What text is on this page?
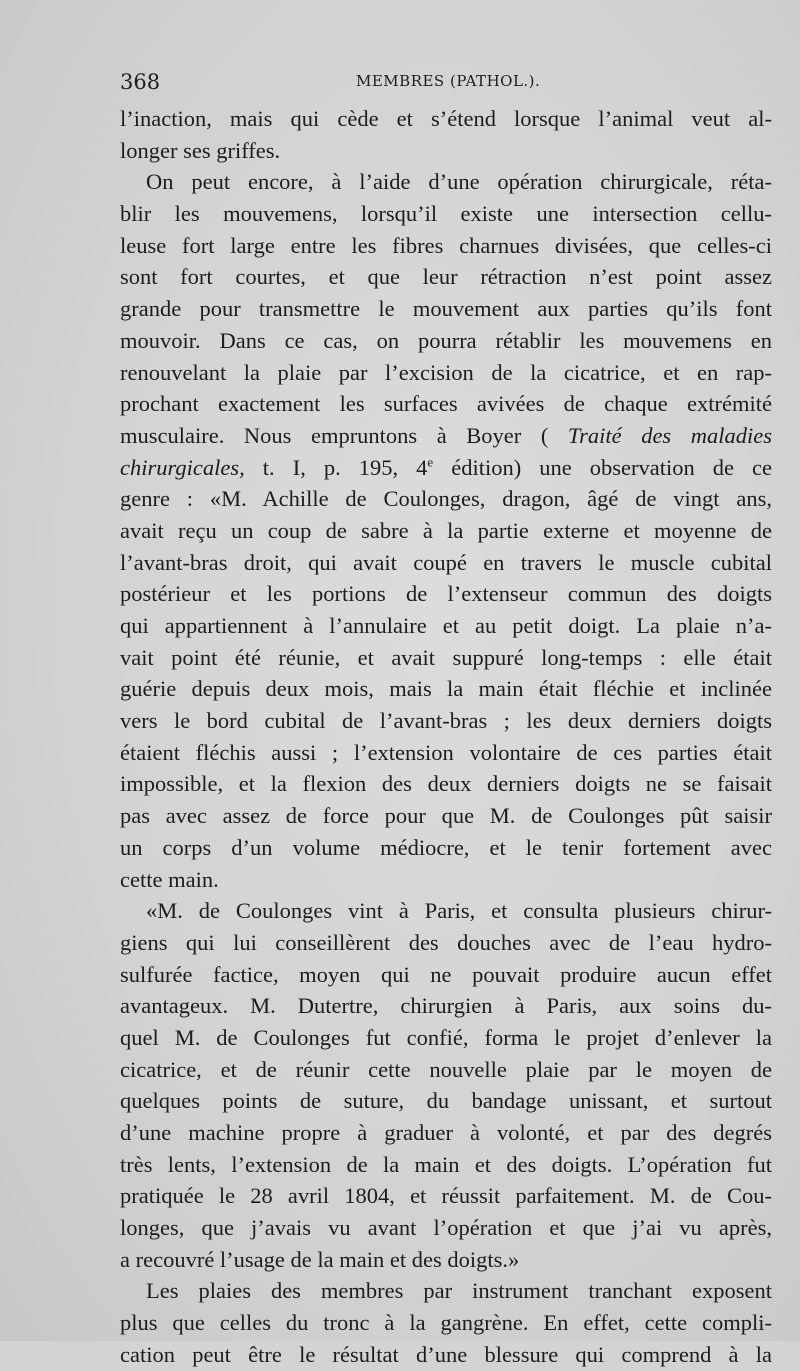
368	MEMBRES (PATHOL.).
l’inaction, mais qui cède et s’étend lorsque l’animal veut al-
longer ses griffes.
On peut encore, à l’aide d’une opération chirurgicale, réta-
blir les mouvemens, lorsqu’il existe une intersection cellu-
leuse fort large entre les fibres charnues divisées, que celles-ci
sont fort courtes, et que leur rétraction n’est point assez
grande pour transmettre le mouvement aux parties qu’ils font
mouvoir. Dans ce cas, on pourra rétablir les mouvemens en
renouvelant la plaie par l’excision de la cicatrice, et en rap-
prochant exactement les surfaces avivées de chaque extrémité
musculaire. Nous empruntons à Boyer ( Traité des maladies
chirurgicales, t. I, p. 195, 4e édition) une observation de ce
genre : «M. Achille de Coulonges, dragon, âgé de vingt ans,
avait reçu un coup de sabre à la partie externe et moyenne de
l’avant-bras droit, qui avait coupé en travers le muscle cubital
postérieur et les portions de l’extenseur commun des doigts
qui appartiennent à l’annulaire et au petit doigt. La plaie n’a-
vait point été réunie, et avait suppuré long-temps : elle était
guérie depuis deux mois, mais la main était fléchie et inclinée
vers le bord cubital de l’avant-bras ; les deux derniers doigts
étaient fléchis aussi ; l’extension volontaire de ces parties était
impossible, et la flexion des deux derniers doigts ne se faisait
pas avec assez de force pour que M. de Coulonges pût saisir
un corps d’un volume médiocre, et le tenir fortement avec
cette main.
«M. de Coulonges vint à Paris, et consulta plusieurs chirur-
giens qui lui conseillèrent des douches avec de l’eau hydro-
sulfurée factice, moyen qui ne pouvait produire aucun effet
avantageux. M. Dutertre, chirurgien à Paris, aux soins du-
quel M. de Coulonges fut confié, forma le projet d’enlever la
cicatrice, et de réunir cette nouvelle plaie par le moyen de
quelques points de suture, du bandage unissant, et surtout
d’une machine propre à graduer à volonté, et par des degrés
très lents, l’extension de la main et des doigts. L’opération fut
pratiquée le 28 avril 1804, et réussit parfaitement. M. de Cou-
longes, que j’avais vu avant l’opération et que j’ai vu après,
a recouvré l’usage de la main et des doigts.»
Les plaies des membres par instrument tranchant exposent
plus que celles du tronc à la gangrène. En effet, cette compli-
cation peut être le résultat d’une blessure qui comprend à la
